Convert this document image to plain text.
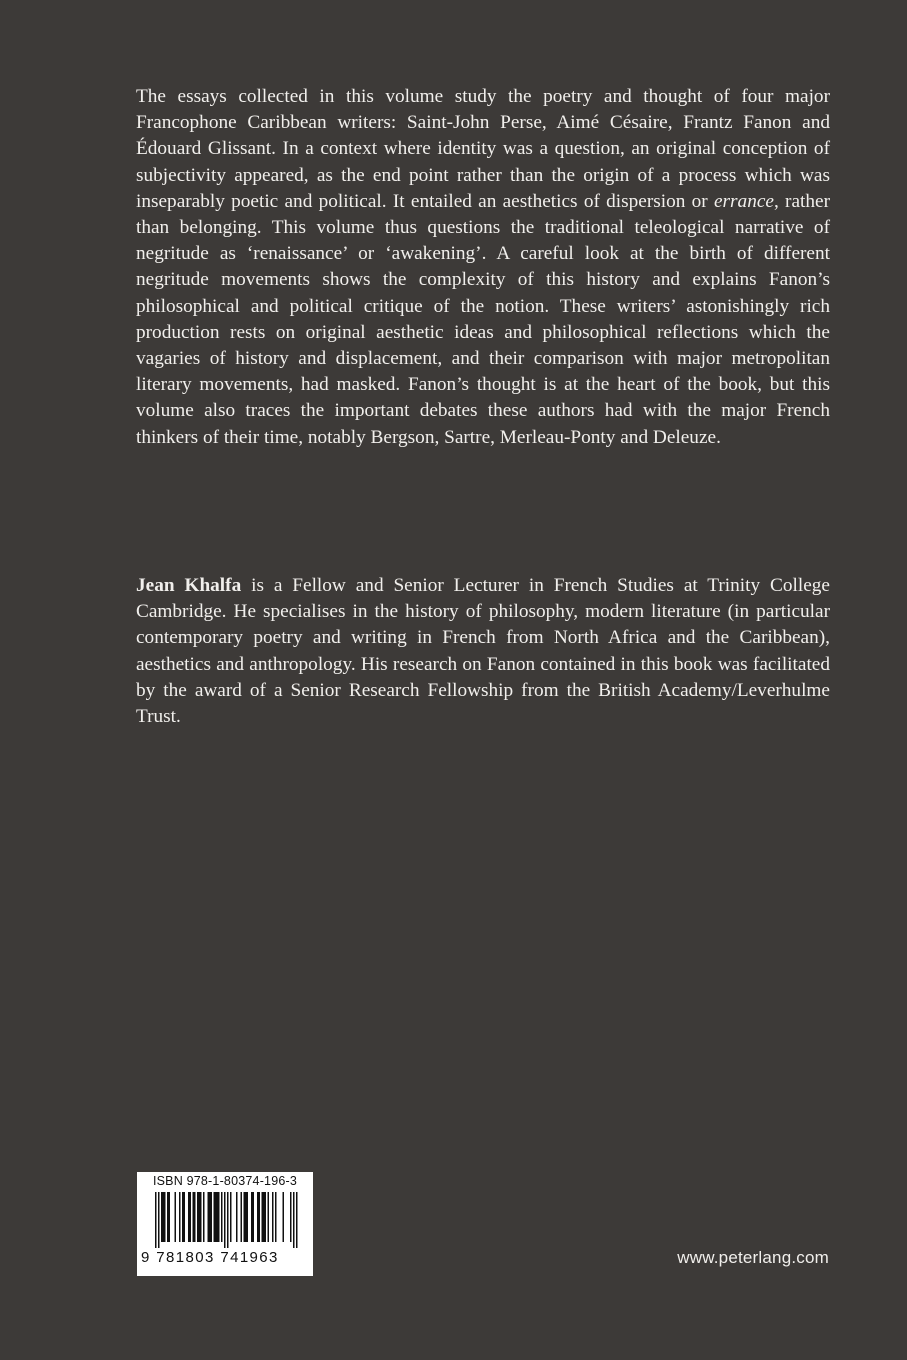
The essays collected in this volume study the poetry and thought of four major Francophone Caribbean writers: Saint-John Perse, Aimé Césaire, Frantz Fanon and Édouard Glissant. In a context where identity was a question, an original conception of subjectivity appeared, as the end point rather than the origin of a process which was inseparably poetic and political. It entailed an aesthetics of dispersion or errance, rather than belonging. This volume thus questions the traditional teleological narrative of negritude as ‘renaissance’ or ‘awakening’. A careful look at the birth of different negritude movements shows the complexity of this history and explains Fanon’s philosophical and political critique of the notion. These writers’ astonishingly rich production rests on original aesthetic ideas and philosophical reflections which the vagaries of history and displacement, and their comparison with major metropolitan literary movements, had masked. Fanon’s thought is at the heart of the book, but this volume also traces the important debates these authors had with the major French thinkers of their time, notably Bergson, Sartre, Merleau-Ponty and Deleuze.

Jean Khalfa is a Fellow and Senior Lecturer in French Studies at Trinity College Cambridge. He specialises in the history of philosophy, modern literature (in particular contemporary poetry and writing in French from North Africa and the Caribbean), aesthetics and anthropology. His research on Fanon contained in this book was facilitated by the award of a Senior Research Fellowship from the British Academy/Leverhulme Trust.

ISBN 978-1-80374-196-3
9 781803 741963	www.peterlang.com
